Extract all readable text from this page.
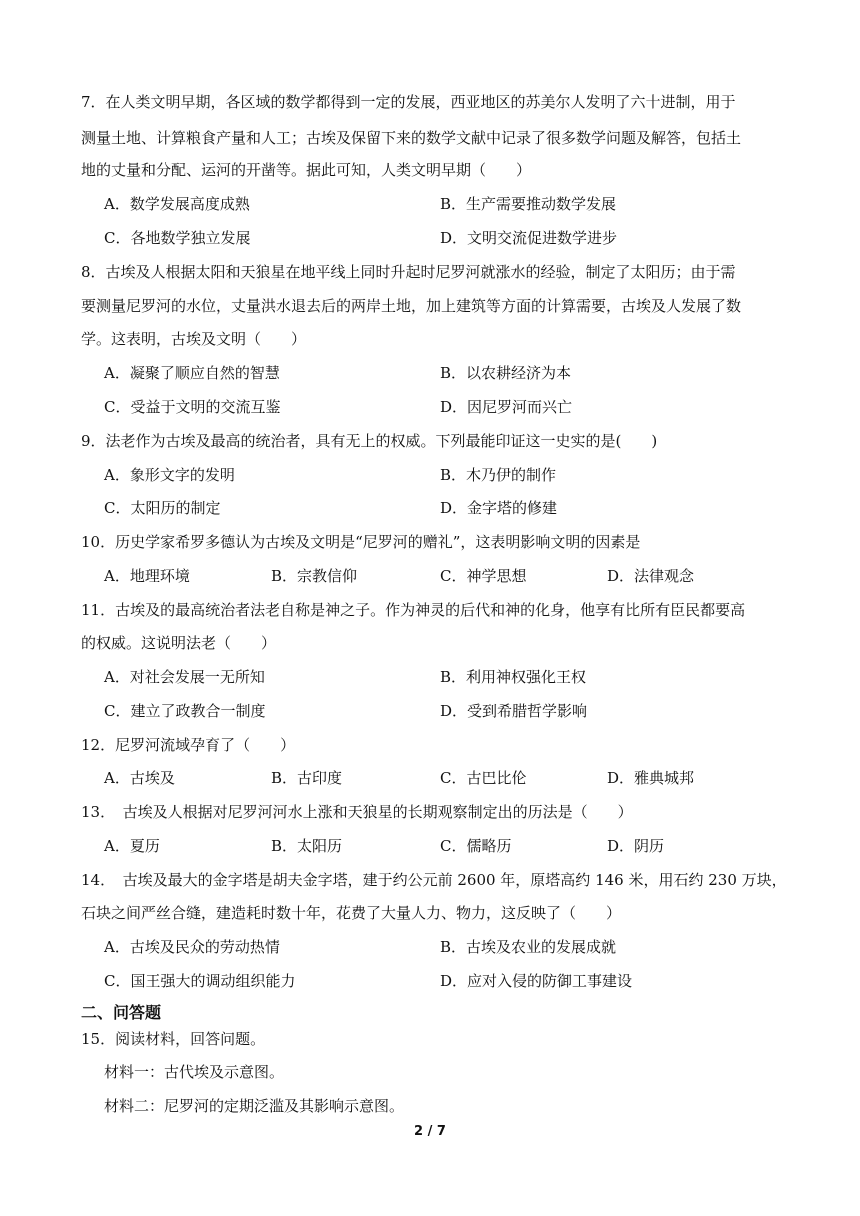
7．在人类文明早期，各区域的数学都得到一定的发展，西亚地区的苏美尔人发明了六十进制，用于
测量土地、计算粮食产量和人工；古埃及保留下来的数学文献中记录了很多数学问题及解答，包括土
地的丈量和分配、运河的开凿等。据此可知，人类文明早期（　　）
A．数学发展高度成熟	B．生产需要推动数学发展
C．各地数学独立发展	D．文明交流促进数学进步
8．古埃及人根据太阳和天狼星在地平线上同时升起时尼罗河就涨水的经验，制定了太阳历；由于需
要测量尼罗河的水位，丈量洪水退去后的两岸土地，加上建筑等方面的计算需要，古埃及人发展了数
学。这表明，古埃及文明（　　）
A．凝聚了顺应自然的智慧	B．以农耕经济为本
C．受益于文明的交流互鉴	D．因尼罗河而兴亡
9．法老作为古埃及最高的统治者，具有无上的权威。下列最能印证这一史实的是(　　)
A．象形文字的发明	B．木乃伊的制作
C．太阳历的制定	D．金字塔的修建
10．历史学家希罗多德认为古埃及文明是“尼罗河的赠礼”，这表明影响文明的因素是
A．地理环境	B．宗教信仰	C．神学思想	D．法律观念
11．古埃及的最高统治者法老自称是神之子。作为神灵的后代和神的化身，他享有比所有臣民都要高
的权威。这说明法老（　　）
A．对社会发展一无所知	B．利用神权强化王权
C．建立了政教合一制度	D．受到希腊哲学影响
12．尼罗河流域孕育了（　　）
A．古埃及	B．古印度	C．古巴比伦	D．雅典城邦
13．　古埃及人根据对尼罗河河水上涨和天狼星的长期观察制定出的历法是（　　）
A．夏历	B．太阳历	C．儒略历	D．阴历
14．　古埃及最大的金字塔是胡夫金字塔，建于约公元前 2600 年，原塔高约 146 米，用石约 230 万块，
石块之间严丝合缝，建造耗时数十年，花费了大量人力、物力，这反映了（　　）
A．古埃及民众的劳动热情	B．古埃及农业的发展成就
C．国王强大的调动组织能力	D．应对入侵的防御工事建设
二、问答题
15．阅读材料，回答问题。
材料一：古代埃及示意图。
材料二：尼罗河的定期泛滥及其影响示意图。
2 / 7
